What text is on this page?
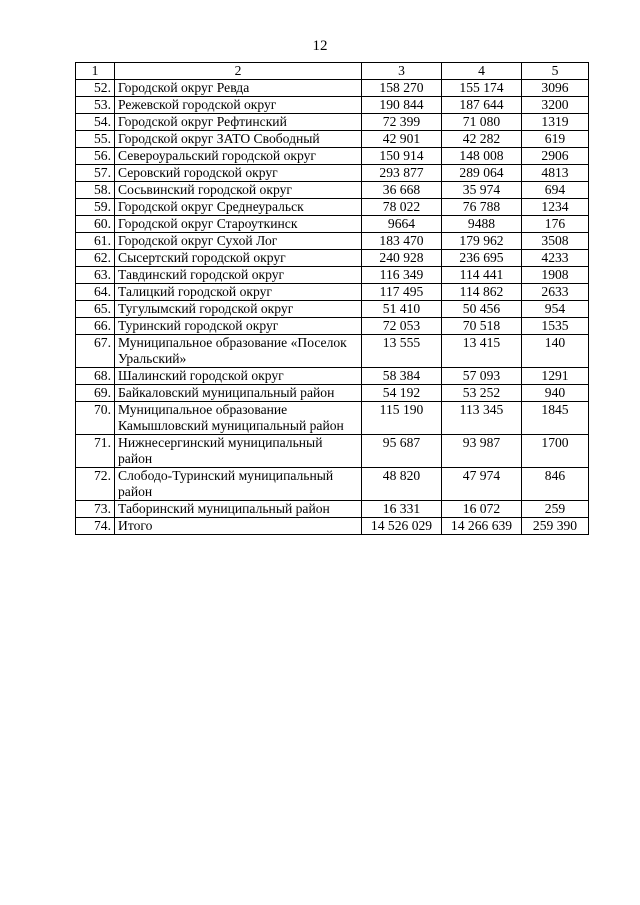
12
1	2	3	4	5
52.	Городской округ Ревда	158 270	155 174	3096
53.	Режевской городской округ	190 844	187 644	3200
54.	Городской округ Рефтинский	72 399	71 080	1319
55.	Городской округ ЗАТО Свободный	42 901	42 282	619
56.	Североуральский городской округ	150 914	148 008	2906
57.	Серовский городской округ	293 877	289 064	4813
58.	Сосьвинский городской округ	36 668	35 974	694
59.	Городской округ Среднеуральск	78 022	76 788	1234
60.	Городской округ Староуткинск	9664	9488	176
61.	Городской округ Сухой Лог	183 470	179 962	3508
62.	Сысертский городской округ	240 928	236 695	4233
63.	Тавдинский городской округ	116 349	114 441	1908
64.	Талицкий городской округ	117 495	114 862	2633
65.	Тугулымский городской округ	51 410	50 456	954
66.	Туринский городской округ	72 053	70 518	1535
67.	Муниципальное образование «Поселок Уральский»	13 555	13 415	140
68.	Шалинский городской округ	58 384	57 093	1291
69.	Байкаловский муниципальный район	54 192	53 252	940
70.	Муниципальное образование Камышловский муниципальный район	115 190	113 345	1845
71.	Нижнесергинский муниципальный район	95 687	93 987	1700
72.	Слободо-Туринский муниципальный район	48 820	47 974	846
73.	Таборинский муниципальный район	16 331	16 072	259
74.	Итого	14 526 029	14 266 639	259 390
